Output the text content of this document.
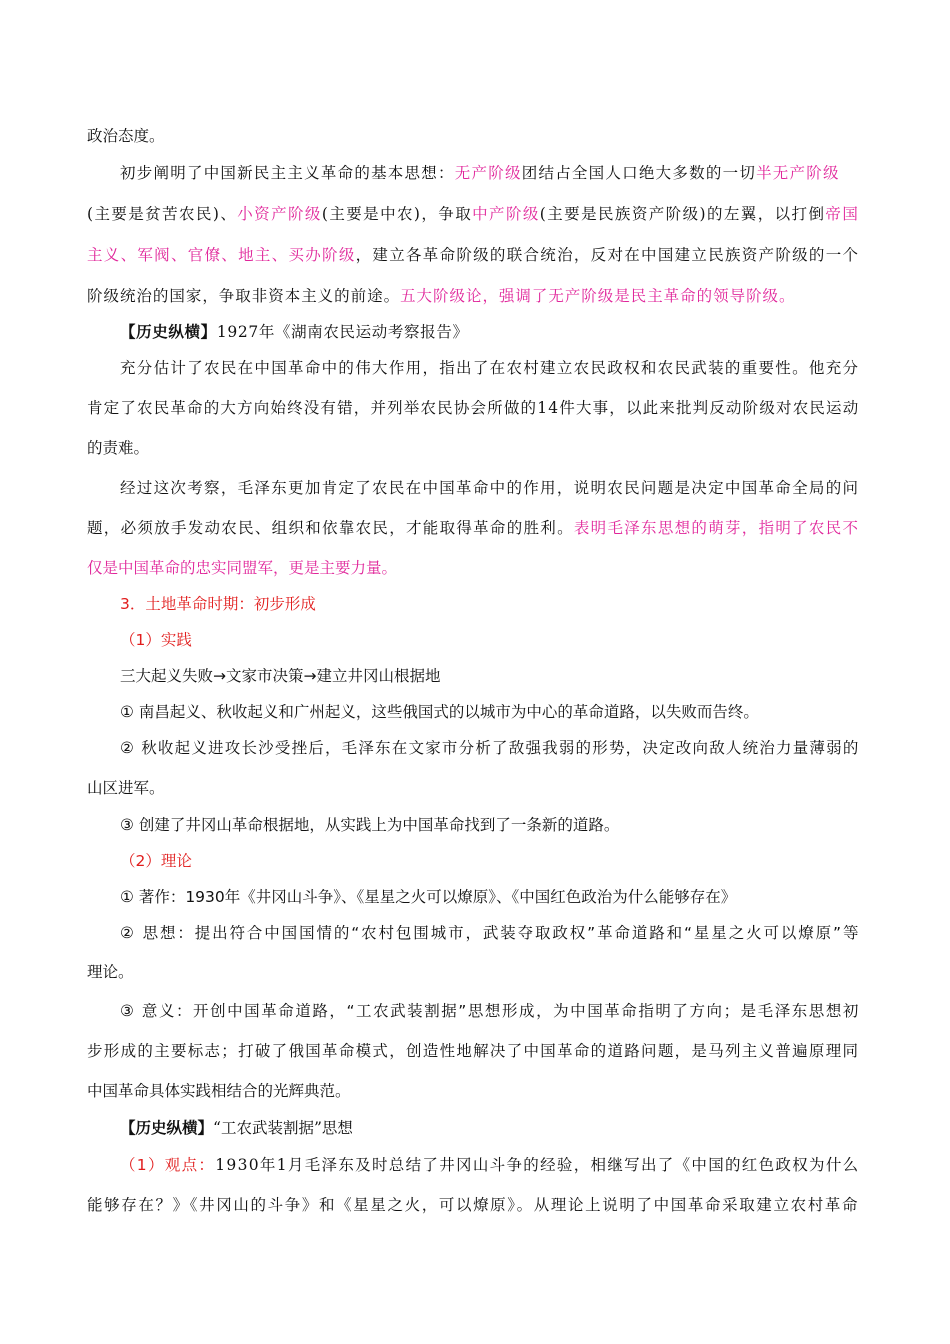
政治态度。

初步阐明了中国新民主主义革命的基本思想：无产阶级团结占全国人口绝大多数的一切半无产阶级

(主要是贫苦农民)、小资产阶级(主要是中农)，争取中产阶级(主要是民族资产阶级)的左翼，以打倒帝国

主义、军阀、官僚、地主、买办阶级，建立各革命阶级的联合统治，反对在中国建立民族资产阶级的一个

阶级统治的国家，争取非资本主义的前途。五大阶级论，强调了无产阶级是民主革命的领导阶级。

【历史纵横】1927年《湖南农民运动考察报告》

充分估计了农民在中国革命中的伟大作用，指出了在农村建立农民政权和农民武装的重要性。他充分

肯定了农民革命的大方向始终没有错，并列举农民协会所做的14件大事，以此来批判反动阶级对农民运动

的责难。

经过这次考察，毛泽东更加肯定了农民在中国革命中的作用，说明农民问题是决定中国革命全局的问

题，必须放手发动农民、组织和依靠农民，才能取得革命的胜利。表明毛泽东思想的萌芽，指明了农民不

仅是中国革命的忠实同盟军，更是主要力量。

3．土地革命时期：初步形成

（1）实践

三大起义失败→文家市决策→建立井冈山根据地

① 南昌起义、秋收起义和广州起义，这些俄国式的以城市为中心的革命道路，以失败而告终。

② 秋收起义进攻长沙受挫后，毛泽东在文家市分析了敌强我弱的形势，决定改向敌人统治力量薄弱的

山区进军。

③ 创建了井冈山革命根据地，从实践上为中国革命找到了一条新的道路。

（2）理论

① 著作：1930年《井冈山斗争》、《星星之火可以燎原》、《中国红色政治为什么能够存在》

② 思想：提出符合中国国情的“农村包围城市，武装夺取政权”革命道路和“星星之火可以燎原”等

理论。

③ 意义：开创中国革命道路，“工农武装割据”思想形成，为中国革命指明了方向；是毛泽东思想初

步形成的主要标志；打破了俄国革命模式，创造性地解决了中国革命的道路问题，是马列主义普遍原理同

中国革命具体实践相结合的光辉典范。

【历史纵横】“工农武装割据”思想

（1）观点：1930年1月毛泽东及时总结了井冈山斗争的经验，相继写出了《中国的红色政权为什么

能够存在？》《井冈山的斗争》和《星星之火，可以燎原》。从理论上说明了中国革命采取建立农村革命
